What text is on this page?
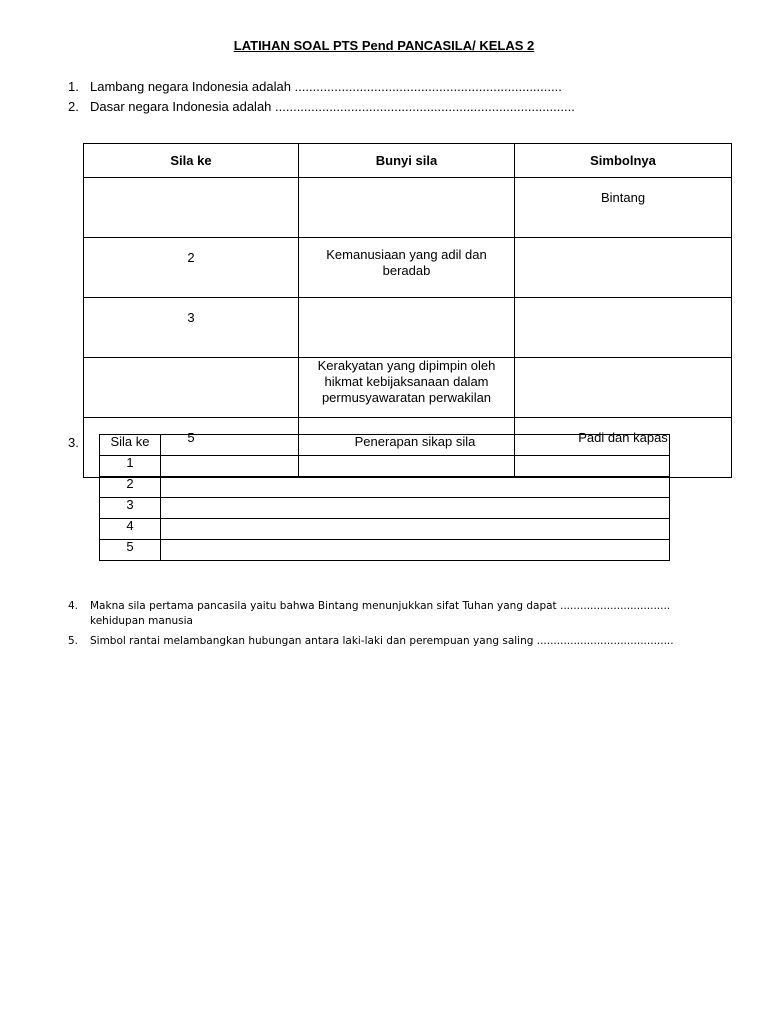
LATIHAN SOAL PTS Pend PANCASILA/ KELAS 2
1. Lambang negara Indonesia adalah ..........................................................................
2. Dasar negara Indonesia adalah ...................................................................................
Sila ke	Bunyi sila	Simbolnya
		Bintang
2	Kemanusiaan yang adil dan beradab	
3		
	Kerakyatan yang dipimpin oleh hikmat kebijaksanaan dalam permusyawaratan perwakilan	
5		Padi dan kapas
3. Sila ke	Penerapan sikap sila
1	
2	
3	
4	
5	
4. Makna sila pertama pancasila yaitu bahwa Bintang menunjukkan sifat Tuhan yang dapat .................................
kehidupan manusia
5. Simbol rantai melambangkan hubungan antara laki-laki dan perempuan yang saling .........................................
